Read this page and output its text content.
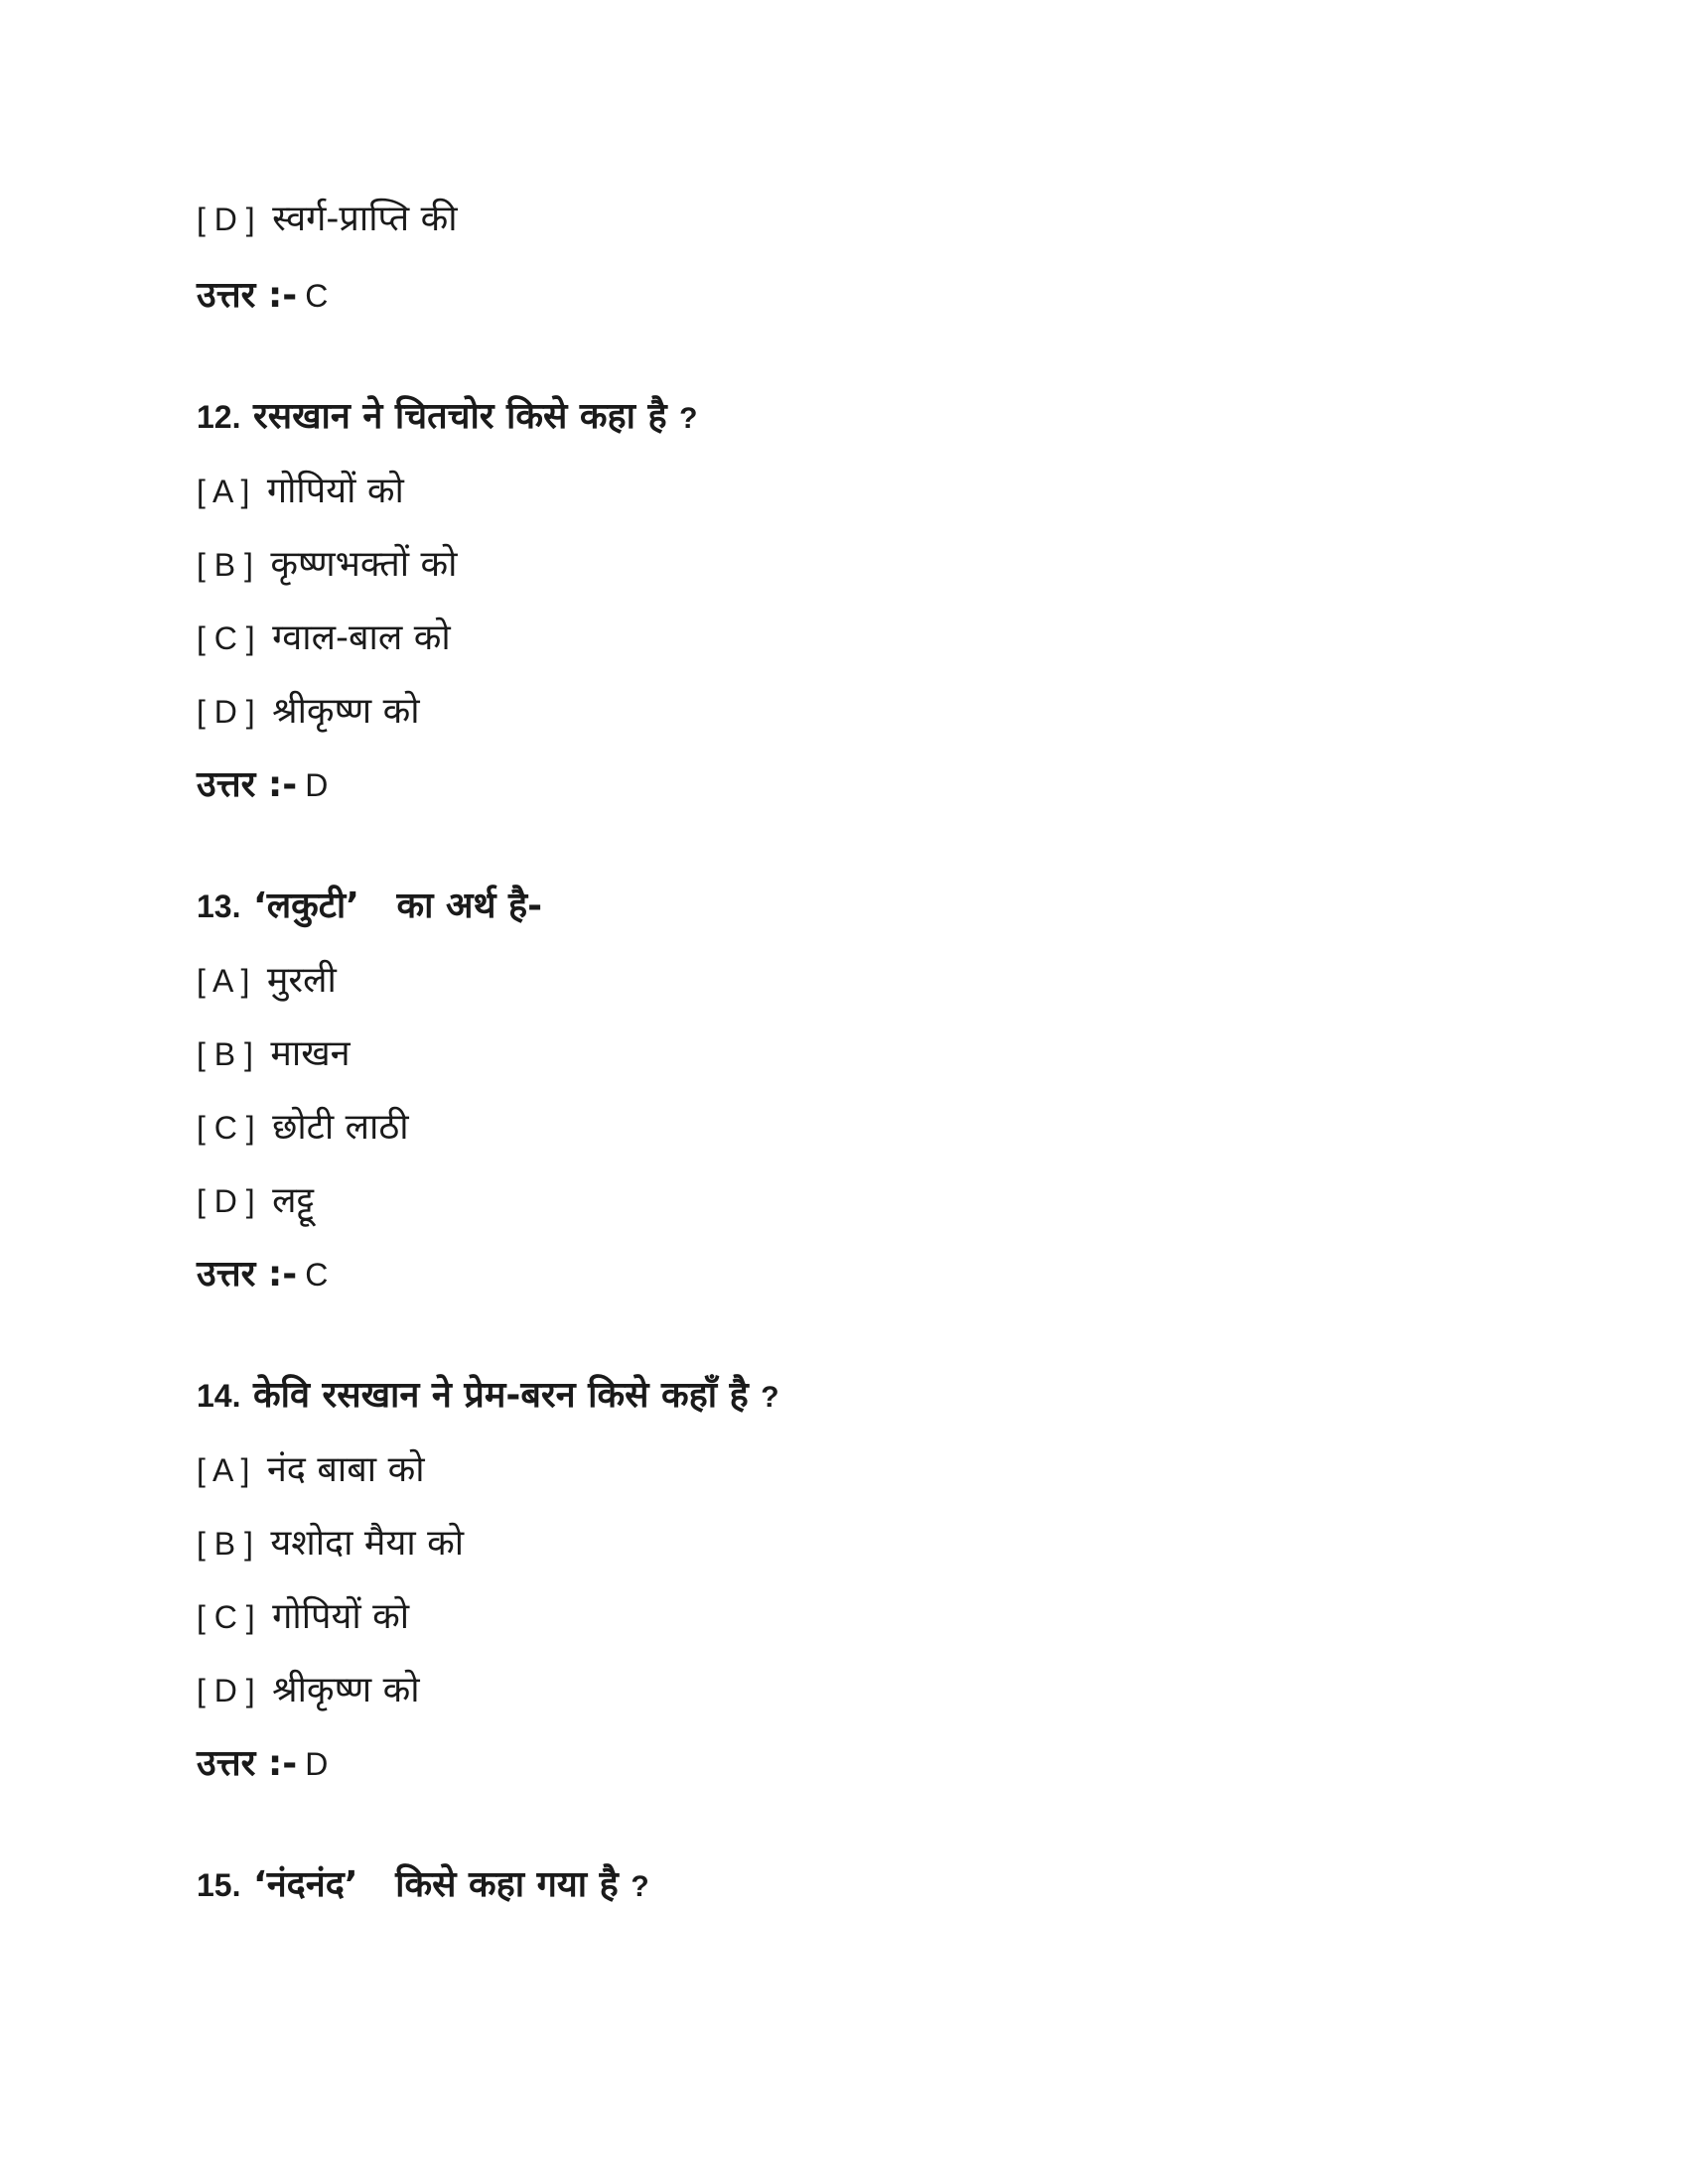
[ D ] स्वर्ग-प्राप्ति की
उत्तर :- C
12. रसखान ने चितचोर किसे कहा है ?
[ A ] गोपियों को
[ B ] कृष्णभक्तों को
[ C ] ग्वाल-बाल को
[ D ] श्रीकृष्ण को
उत्तर :- D
13. ‘लकुटी’   का अर्थ है-
[ A ] मुरली
[ B ] माखन
[ C ] छोटी लाठी
[ D ] लट्टू
उत्तर :- C
14. केवि रसखान ने प्रेम-बरन किसे कहाँ है ?
[ A ] नंद बाबा को
[ B ] यशोदा मैया को
[ C ] गोपियों को
[ D ] श्रीकृष्ण को
उत्तर :- D
15. ‘नंदनंद’   किसे कहा गया है ?
